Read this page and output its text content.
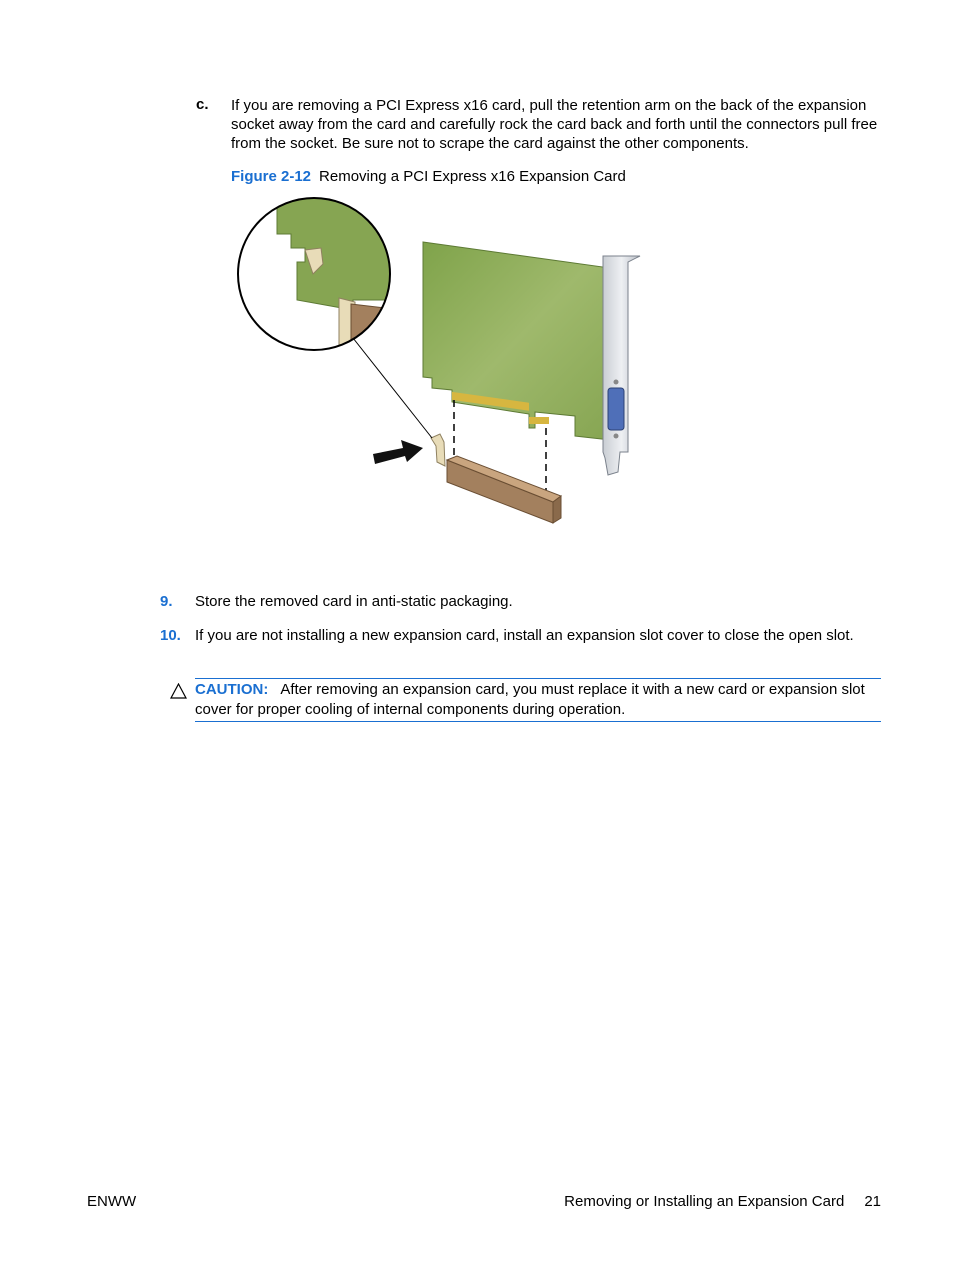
c. If you are removing a PCI Express x16 card, pull the retention arm on the back of the expansion socket away from the card and carefully rock the card back and forth until the connectors pull free from the socket. Be sure not to scrape the card against the other components.
Figure 2-12 Removing a PCI Express x16 Expansion Card
9. Store the removed card in anti-static packaging.
10. If you are not installing a new expansion card, install an expansion slot cover to close the open slot.
CAUTION: After removing an expansion card, you must replace it with a new card or expansion slot cover for proper cooling of internal components during operation.
ENWW	Removing or Installing an Expansion Card 21
